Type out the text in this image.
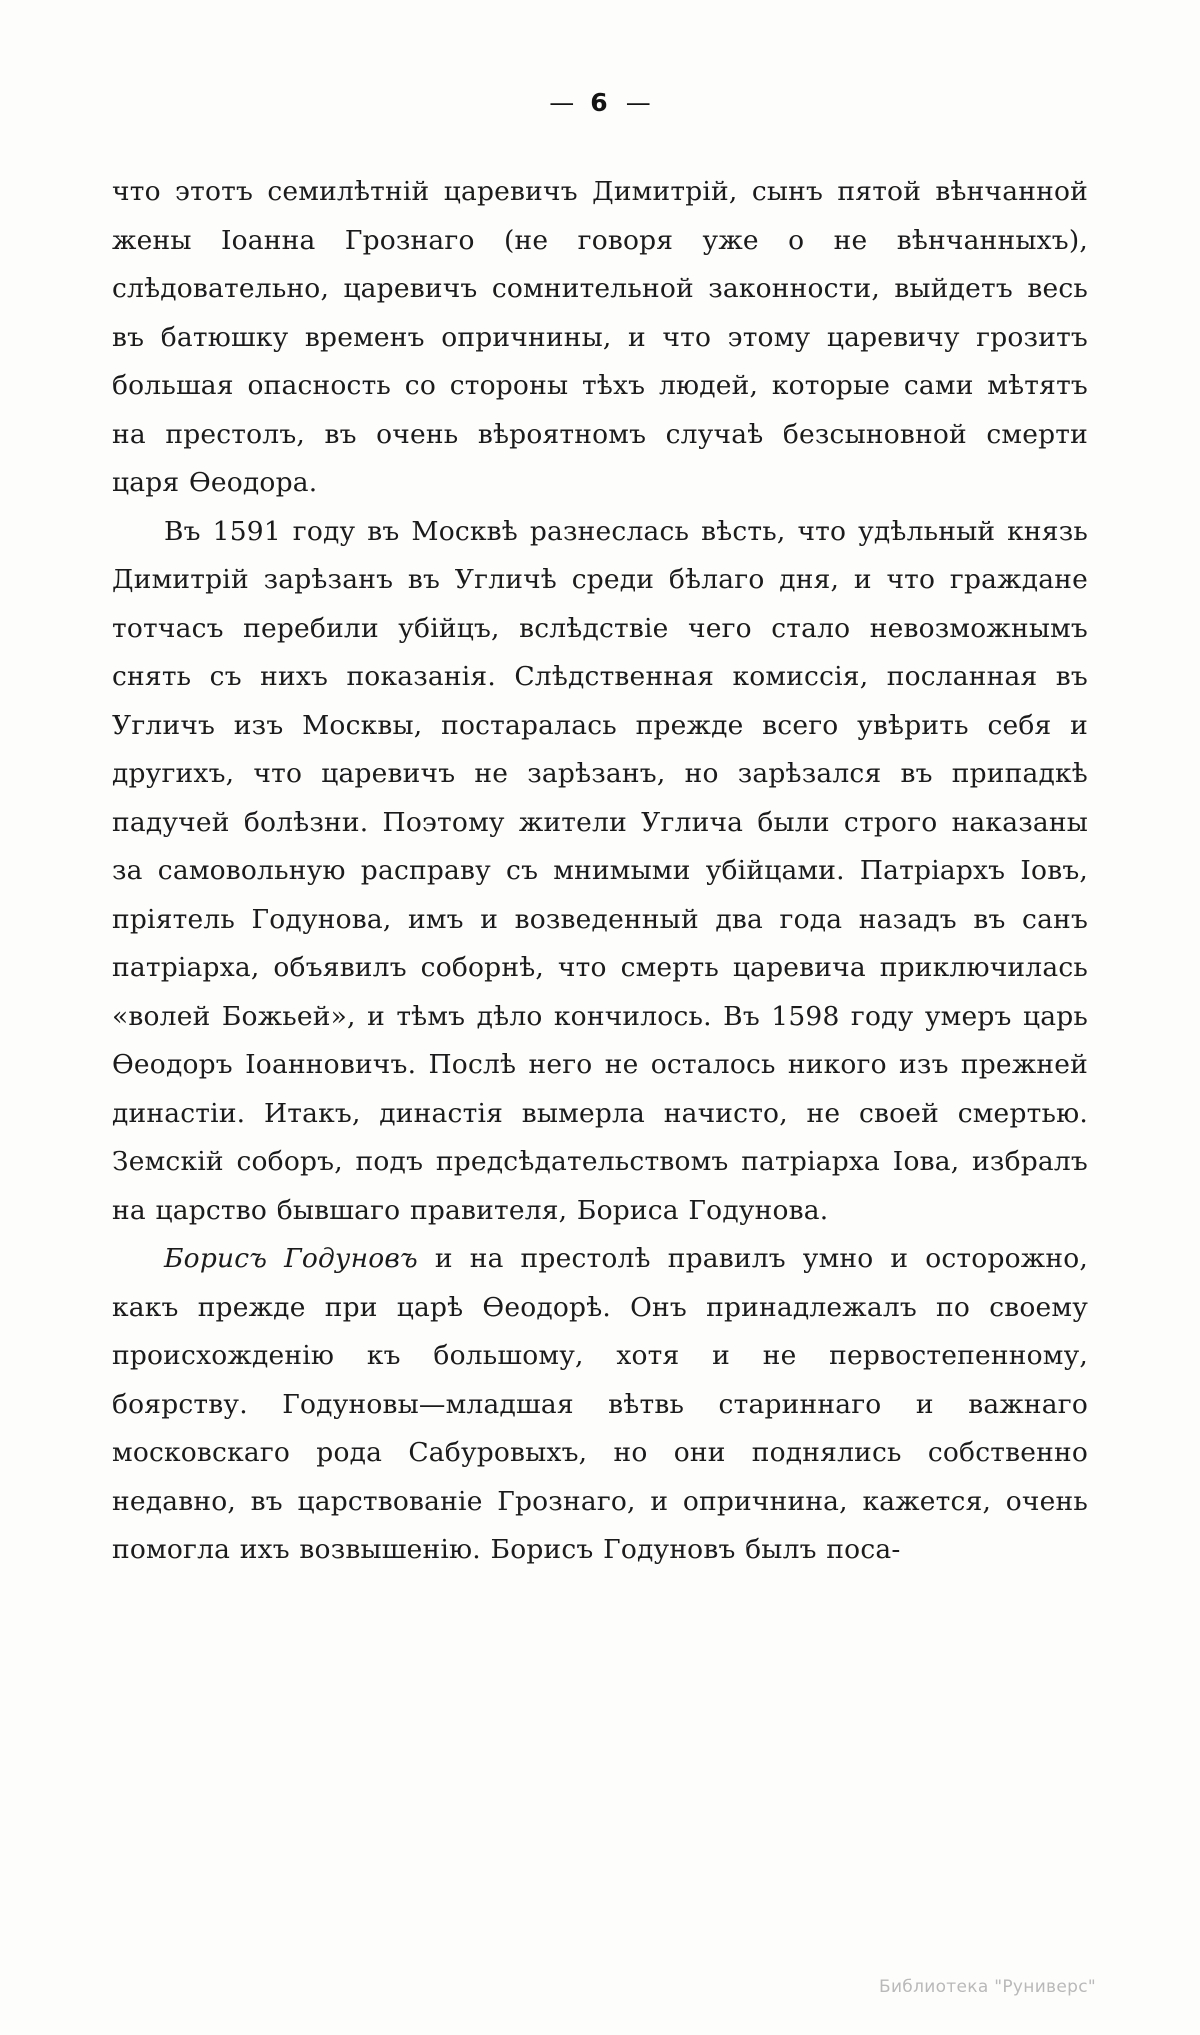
— 6 —

что этотъ семилѣтній царевичъ Димитрій, сынъ пятой вѣнчанной жены Іоанна Грознаго (не говоря уже о не вѣнчанныхъ), слѣдовательно, царевичъ сомнительной законности, выйдетъ весь въ батюшку временъ опричнины, и что этому царевичу грозитъ большая опасность со стороны тѣхъ людей, которые сами мѣтятъ на престолъ, въ очень вѣроятномъ случаѣ безсыновной смерти царя Ѳеодора.

Въ 1591 году въ Москвѣ разнеслась вѣсть, что удѣльный князь Димитрій зарѣзанъ въ Угличѣ среди бѣлаго дня, и что граждане тотчасъ перебили убійцъ, вслѣдствіе чего стало невозможнымъ снять съ нихъ показанія. Слѣдственная комиссія, посланная въ Угличъ изъ Москвы, постаралась прежде всего увѣрить себя и другихъ, что царевичъ не зарѣзанъ, но зарѣзался въ припадкѣ падучей болѣзни. Поэтому жители Углича были строго наказаны за самовольную расправу съ мнимыми убійцами. Патріархъ Іовъ, пріятель Годунова, имъ и возведенный два года назадъ въ санъ патріарха, объявилъ соборнѣ, что смерть царевича приключилась «волей Божьей», и тѣмъ дѣло кончилось. Въ 1598 году умеръ царь Ѳеодоръ Іоанновичъ. Послѣ него не осталось никого изъ прежней династіи. Итакъ, династія вымерла начисто, не своей смертью. Земскій соборъ, подъ предсѣдательствомъ патріарха Іова, избралъ на царство бывшаго правителя, Бориса Годунова.

Борисъ Годуновъ и на престолѣ правилъ умно и осторожно, какъ прежде при царѣ Ѳеодорѣ. Онъ принадлежалъ по своему происхожденію къ большому, хотя и не первостепенному, боярству. Годуновы—младшая вѣтвь стариннаго и важнаго московскаго рода Сабуровыхъ, но они поднялись собственно недавно, въ царствованіе Грознаго, и опричнина, кажется, очень помогла ихъ возвышенію. Борисъ Годуновъ былъ поса-

Библиотека "Руниверс"
